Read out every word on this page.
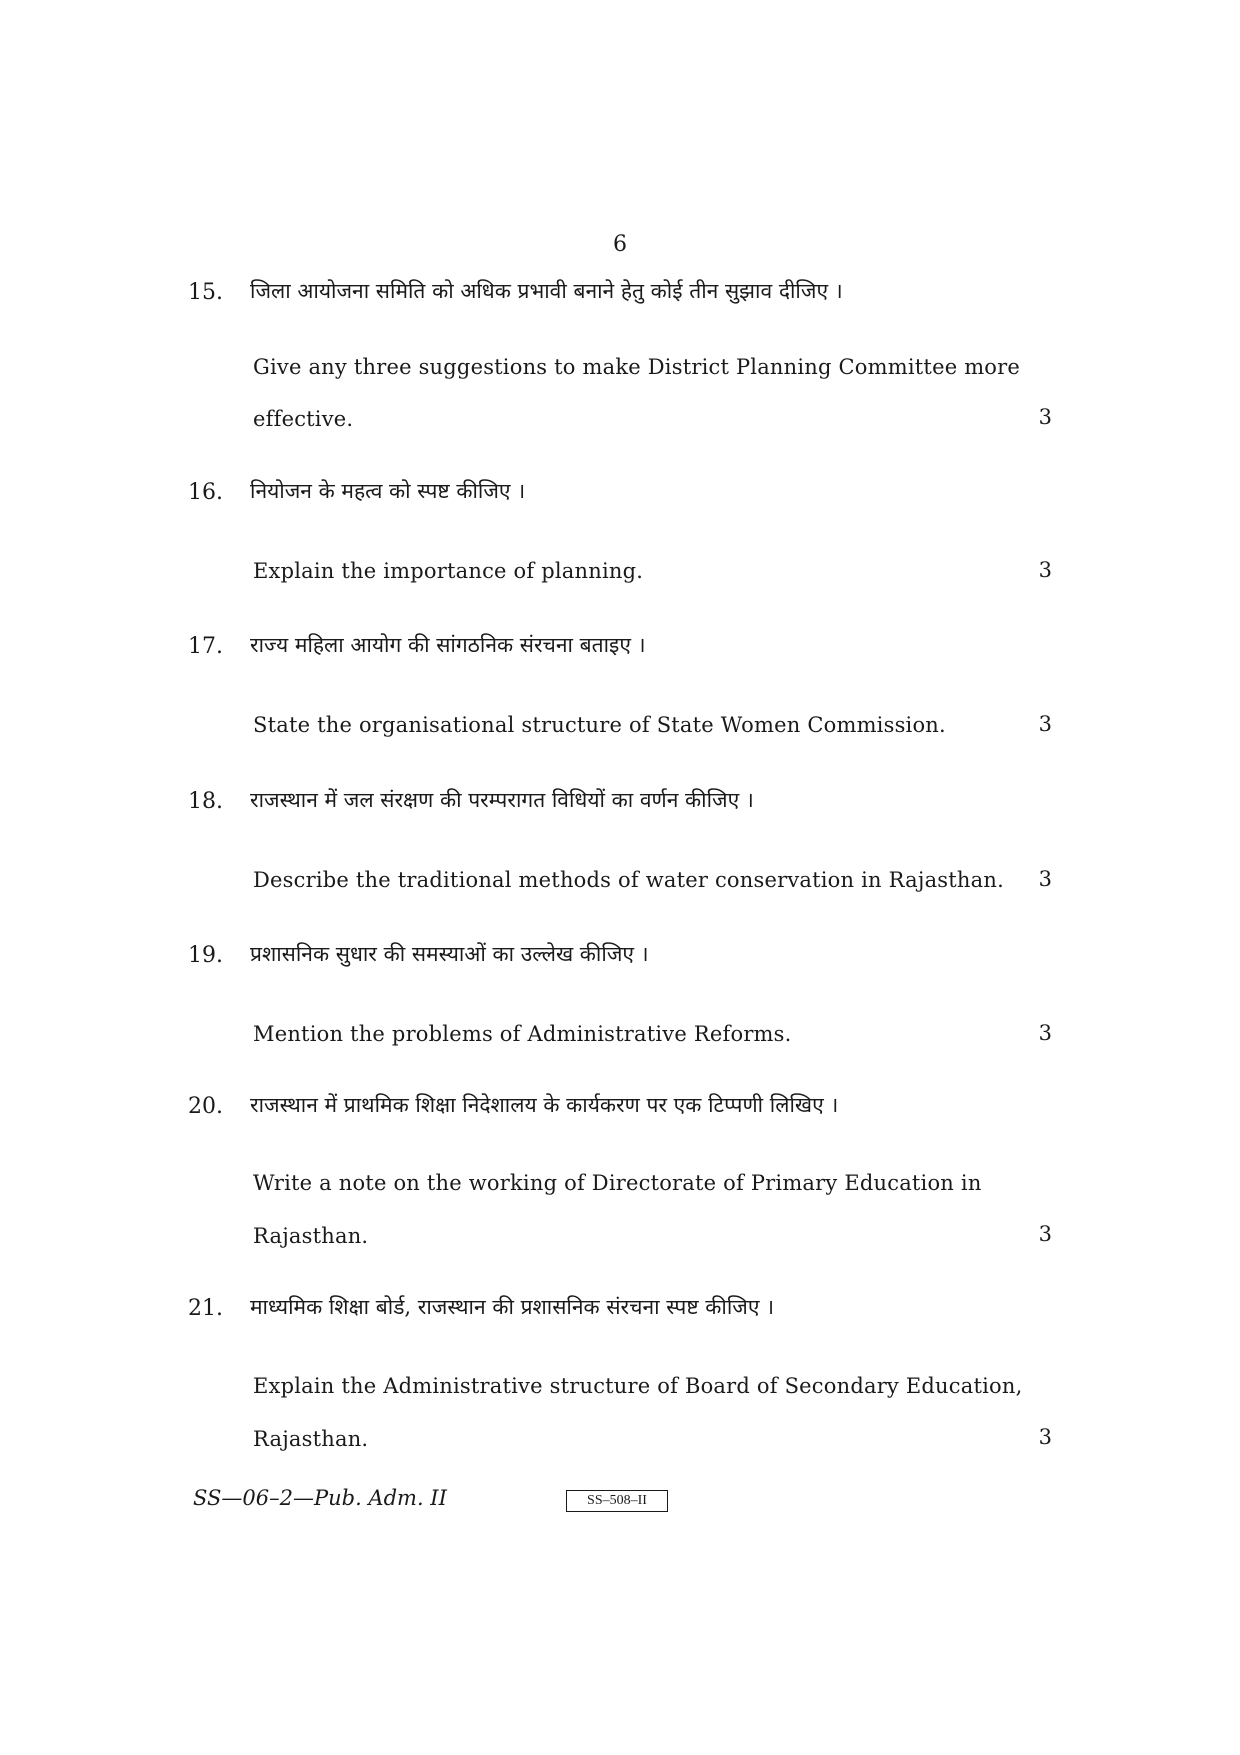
6
15. जिला आयोजना समिति को अधिक प्रभावी बनाने हेतु कोई तीन सुझाव दीजिए ।
Give any three suggestions to make District Planning Committee more
effective.	3
16. नियोजन के महत्व को स्पष्ट कीजिए ।
Explain the importance of planning.	3
17. राज्य महिला आयोग की सांगठनिक संरचना बताइए ।
State the organisational structure of State Women Commission.	3
18. राजस्थान में जल संरक्षण की परम्परागत विधियों का वर्णन कीजिए ।
Describe the traditional methods of water conservation in Rajasthan.	3
19. प्रशासनिक सुधार की समस्याओं का उल्लेख कीजिए ।
Mention the problems of Administrative Reforms.	3
20. राजस्थान में प्राथमिक शिक्षा निदेशालय के कार्यकरण पर एक टिप्पणी लिखिए ।
Write a note on the working of Directorate of Primary Education in
Rajasthan.	3
21. माध्यमिक शिक्षा बोर्ड, राजस्थान की प्रशासनिक संरचना स्पष्ट कीजिए ।
Explain the Administrative structure of Board of Secondary Education,
Rajasthan.	3
SS—06–2—Pub. Adm. II	SS–508–II
